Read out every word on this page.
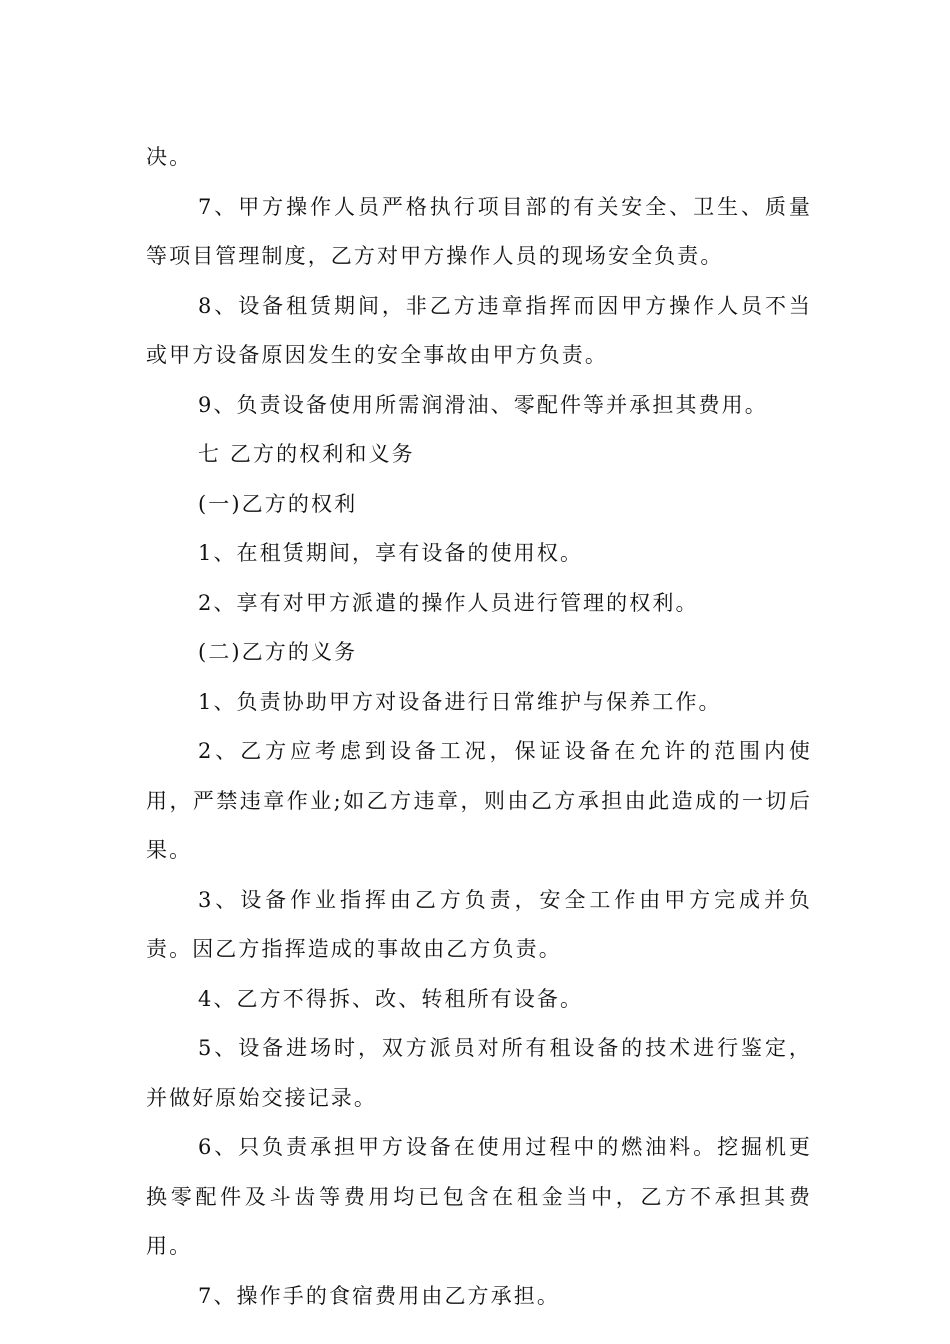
决。

7、甲方操作人员严格执行项目部的有关安全、卫生、质量等项目管理制度，乙方对甲方操作人员的现场安全负责。

8、设备租赁期间，非乙方违章指挥而因甲方操作人员不当或甲方设备原因发生的安全事故由甲方负责。

9、负责设备使用所需润滑油、零配件等并承担其费用。

七 乙方的权利和义务

(一)乙方的权利

1、在租赁期间，享有设备的使用权。

2、享有对甲方派遣的操作人员进行管理的权利。

(二)乙方的义务

1、负责协助甲方对设备进行日常维护与保养工作。

2、乙方应考虑到设备工况，保证设备在允许的范围内使用，严禁违章作业;如乙方违章，则由乙方承担由此造成的一切后果。

3、设备作业指挥由乙方负责，安全工作由甲方完成并负责。因乙方指挥造成的事故由乙方负责。

4、乙方不得拆、改、转租所有设备。

5、设备进场时，双方派员对所有租设备的技术进行鉴定，并做好原始交接记录。

6、只负责承担甲方设备在使用过程中的燃油料。挖掘机更换零配件及斗齿等费用均已包含在租金当中，乙方不承担其费用。

7、操作手的食宿费用由乙方承担。
